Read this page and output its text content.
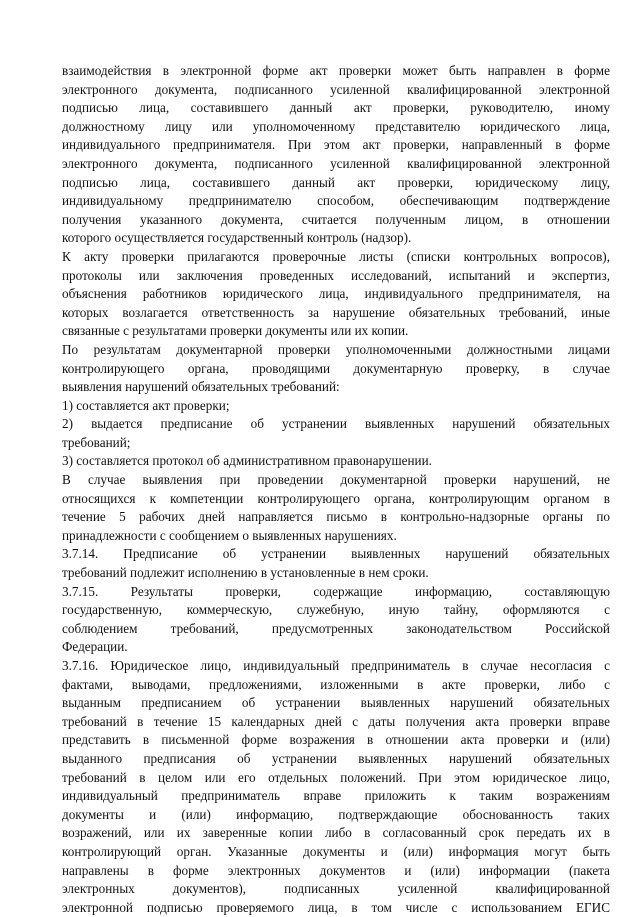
взаимодействия в электронной форме акт проверки может быть направлен в форме
электронного документа, подписанного усиленной квалифицированной электронной
подписью лица, составившего данный акт проверки, руководителю, иному
должностному лицу или уполномоченному представителю юридического лица,
индивидуального предпринимателя. При этом акт проверки, направленный в форме
электронного документа, подписанного усиленной квалифицированной электронной
подписью лица, составившего данный акт проверки, юридическому лицу,
индивидуальному предпринимателю способом, обеспечивающим подтверждение
получения указанного документа, считается полученным лицом, в отношении
которого осуществляется государственный контроль (надзор).
К акту проверки прилагаются проверочные листы (списки контрольных вопросов),
протоколы или заключения проведенных исследований, испытаний и экспертиз,
объяснения работников юридического лица, индивидуального предпринимателя, на
которых возлагается ответственность за нарушение обязательных требований, иные
связанные с результатами проверки документы или их копии.
По результатам документарной проверки уполномоченными должностными лицами
контролирующего органа, проводящими документарную проверку, в случае
выявления нарушений обязательных требований:
1) составляется акт проверки;
2) выдается предписание об устранении выявленных нарушений обязательных
требований;
3) составляется протокол об административном правонарушении.
В случае выявления при проведении документарной проверки нарушений, не
относящихся к компетенции контролирующего органа, контролирующим органом в
течение 5 рабочих дней направляется письмо в контрольно-надзорные органы по
принадлежности с сообщением о выявленных нарушениях.
3.7.14. Предписание об устранении выявленных нарушений обязательных
требований подлежит исполнению в установленные в нем сроки.
3.7.15. Результаты проверки, содержащие информацию, составляющую
государственную, коммерческую, служебную, иную тайну, оформляются с
соблюдением требований, предусмотренных законодательством Российской
Федерации.
3.7.16. Юридическое лицо, индивидуальный предприниматель в случае несогласия с
фактами, выводами, предложениями, изложенными в акте проверки, либо с
выданным предписанием об устранении выявленных нарушений обязательных
требований в течение 15 календарных дней с даты получения акта проверки вправе
представить в письменной форме возражения в отношении акта проверки и (или)
выданного предписания об устранении выявленных нарушений обязательных
требований в целом или его отдельных положений. При этом юридическое лицо,
индивидуальный предприниматель вправе приложить к таким возражениям
документы и (или) информацию, подтверждающие обоснованность таких
возражений, или их заверенные копии либо в согласованный срок передать их в
контролирующий орган. Указанные документы и (или) информация могут быть
направлены в форме электронных документов и (или) информации (пакета
электронных документов), подписанных усиленной квалифицированной
электронной подписью проверяемого лица, в том числе с использованием ЕГИС
